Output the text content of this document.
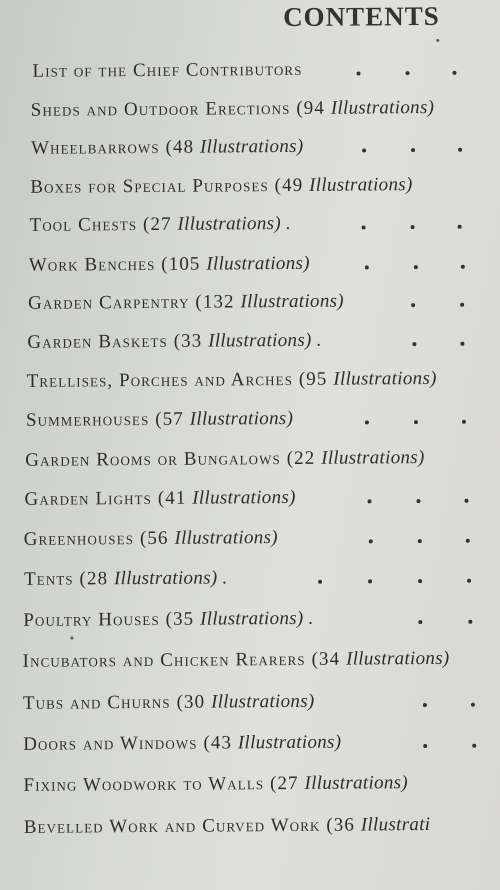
CONTENTS
List of the Chief Contributors
Sheds and Outdoor Erections (94 Illustrations)
Wheelbarrows (48 Illustrations)
Boxes for Special Purposes (49 Illustrations)
Tool Chests (27 Illustrations) .
Work Benches (105 Illustrations)
Garden Carpentry (132 Illustrations)
Garden Baskets (33 Illustrations) .
Trellises, Porches and Arches (95 Illustrations)
Summerhouses (57 Illustrations)
Garden Rooms or Bungalows (22 Illustrations)
Garden Lights (41 Illustrations)
Greenhouses (56 Illustrations)
Tents (28 Illustrations) .
Poultry Houses (35 Illustrations) .
Incubators and Chicken Rearers (34 Illustrations)
Tubs and Churns (30 Illustrations)
Doors and Windows (43 Illustrations)
Fixing Woodwork to Walls (27 Illustrations)
Bevelled Work and Curved Work (36 Illustrati
